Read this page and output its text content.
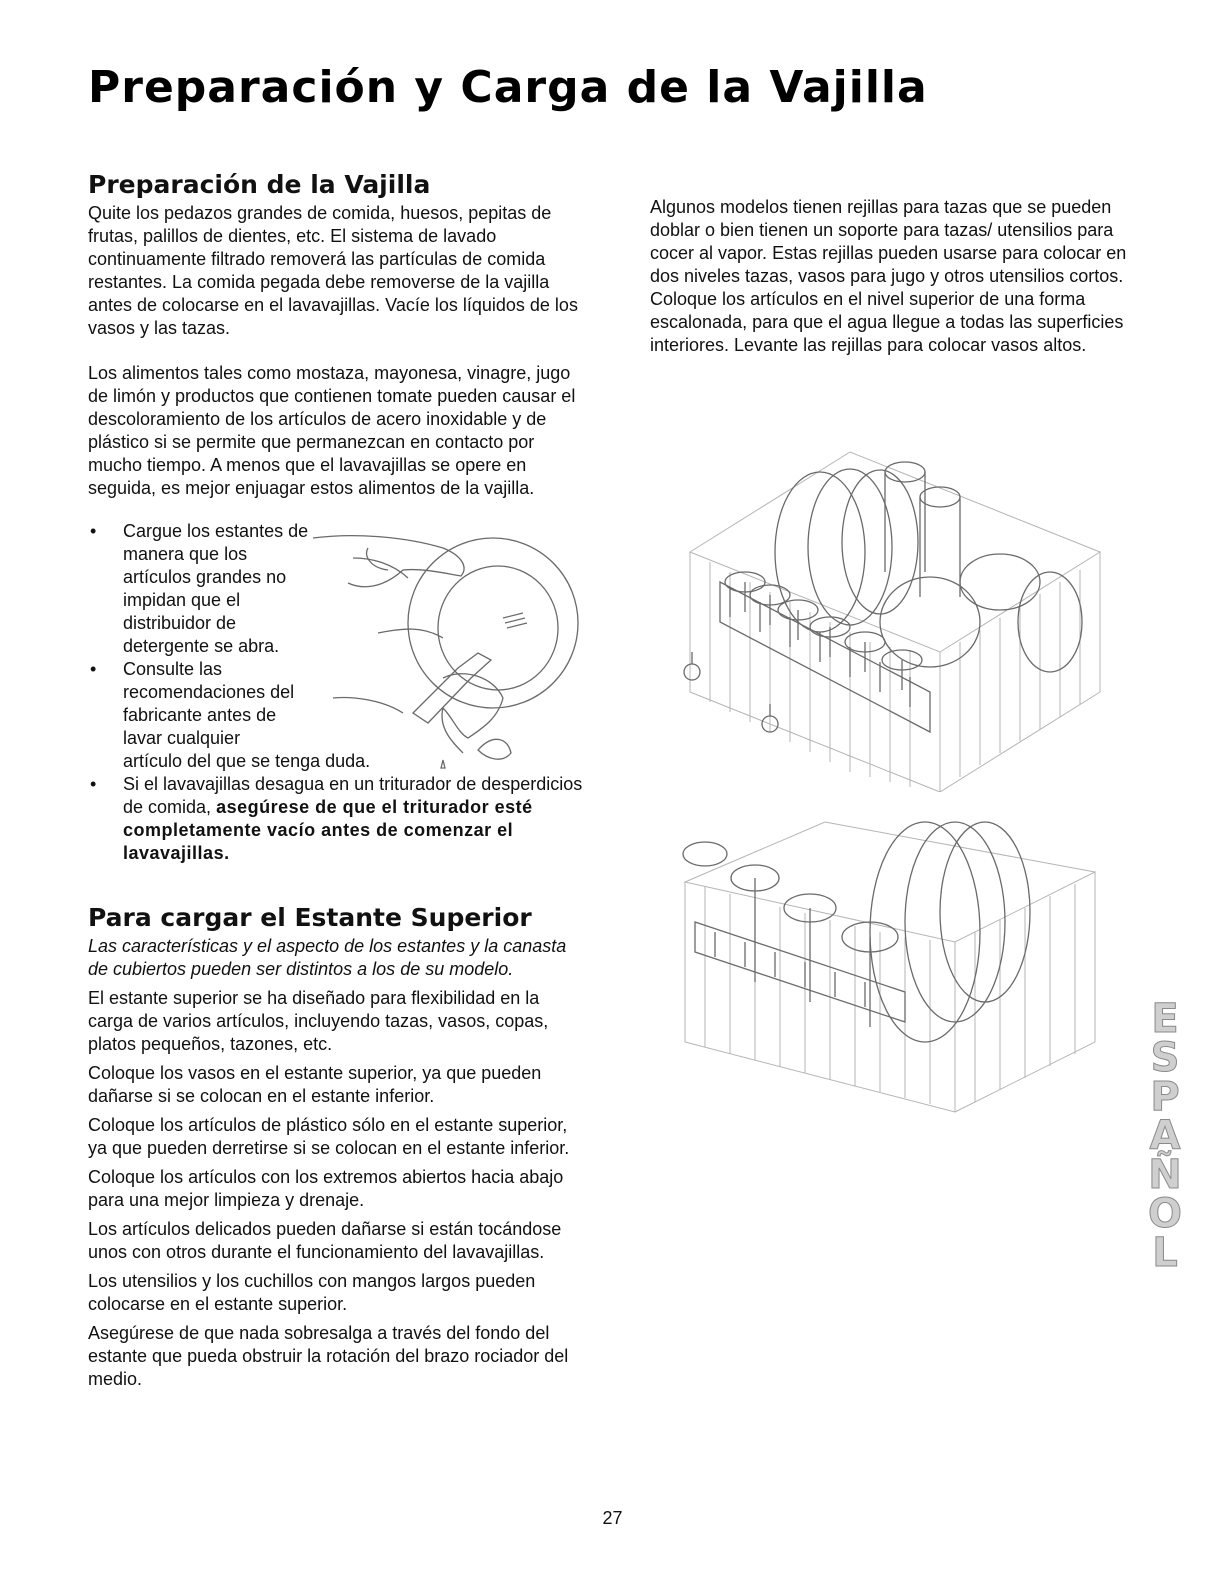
Preparación y Carga de la Vajilla
Preparación de la Vajilla

Quite los pedazos grandes de comida, huesos, pepitas de frutas, palillos de dientes, etc. El sistema de lavado continuamente filtrado removerá las partículas de comida restantes. La comida pegada debe removerse de la vajilla antes de colocarse en el lavavajillas. Vacíe los líquidos de los vasos y las tazas.

Los alimentos tales como mostaza, mayonesa, vinagre, jugo de limón y productos que contienen tomate pueden causar el descoloramiento de los artículos de acero inoxidable y de plástico si se permite que permanezcan en contacto por mucho tiempo. A menos que el lavavajillas se opere en seguida, es mejor enjuagar estos alimentos de la vajilla.

• Cargue los estantes de manera que los artículos grandes no impidan que el distribuidor de detergente se abra.
• Consulte las recomendaciones del fabricante antes de lavar cualquier
artículo del que se tenga duda.
• Si el lavavajillas desagua en un triturador de desperdicios de comida, asegúrese de que el triturador esté completamente vacío antes de comenzar el lavavajillas.
Para cargar el Estante Superior

Las características y el aspecto de los estantes y la canasta de cubiertos pueden ser distintos a los de su modelo.

El estante superior se ha diseñado para flexibilidad en la carga de varios artículos, incluyendo tazas, vasos, copas, platos pequeños, tazones, etc.

Coloque los vasos en el estante superior, ya que pueden dañarse si se colocan en el estante inferior.

Coloque los artículos de plástico sólo en el estante superior, ya que pueden derretirse si se colocan en el estante inferior.

Coloque los artículos con los extremos abiertos hacia abajo para una mejor limpieza y drenaje.

Los artículos delicados pueden dañarse si están tocándose unos con otros durante el funcionamiento del lavavajillas.

Los utensilios y los cuchillos con mangos largos pueden colocarse en el estante superior.

Asegúrese de que nada sobresalga a través del fondo del estante que pueda obstruir la rotación del brazo rociador del medio.

Algunos modelos tienen rejillas para tazas que se pueden doblar o bien tienen un soporte para tazas/ utensilios para cocer al vapor. Estas rejillas pueden usarse para colocar en dos niveles tazas, vasos para jugo y otros utensilios cortos. Coloque los artículos en el nivel superior de una forma escalonada, para que el agua llegue a todas las superficies interiores. Levante las rejillas para colocar vasos altos.

E
S
P
A
Ñ
O
L
27
